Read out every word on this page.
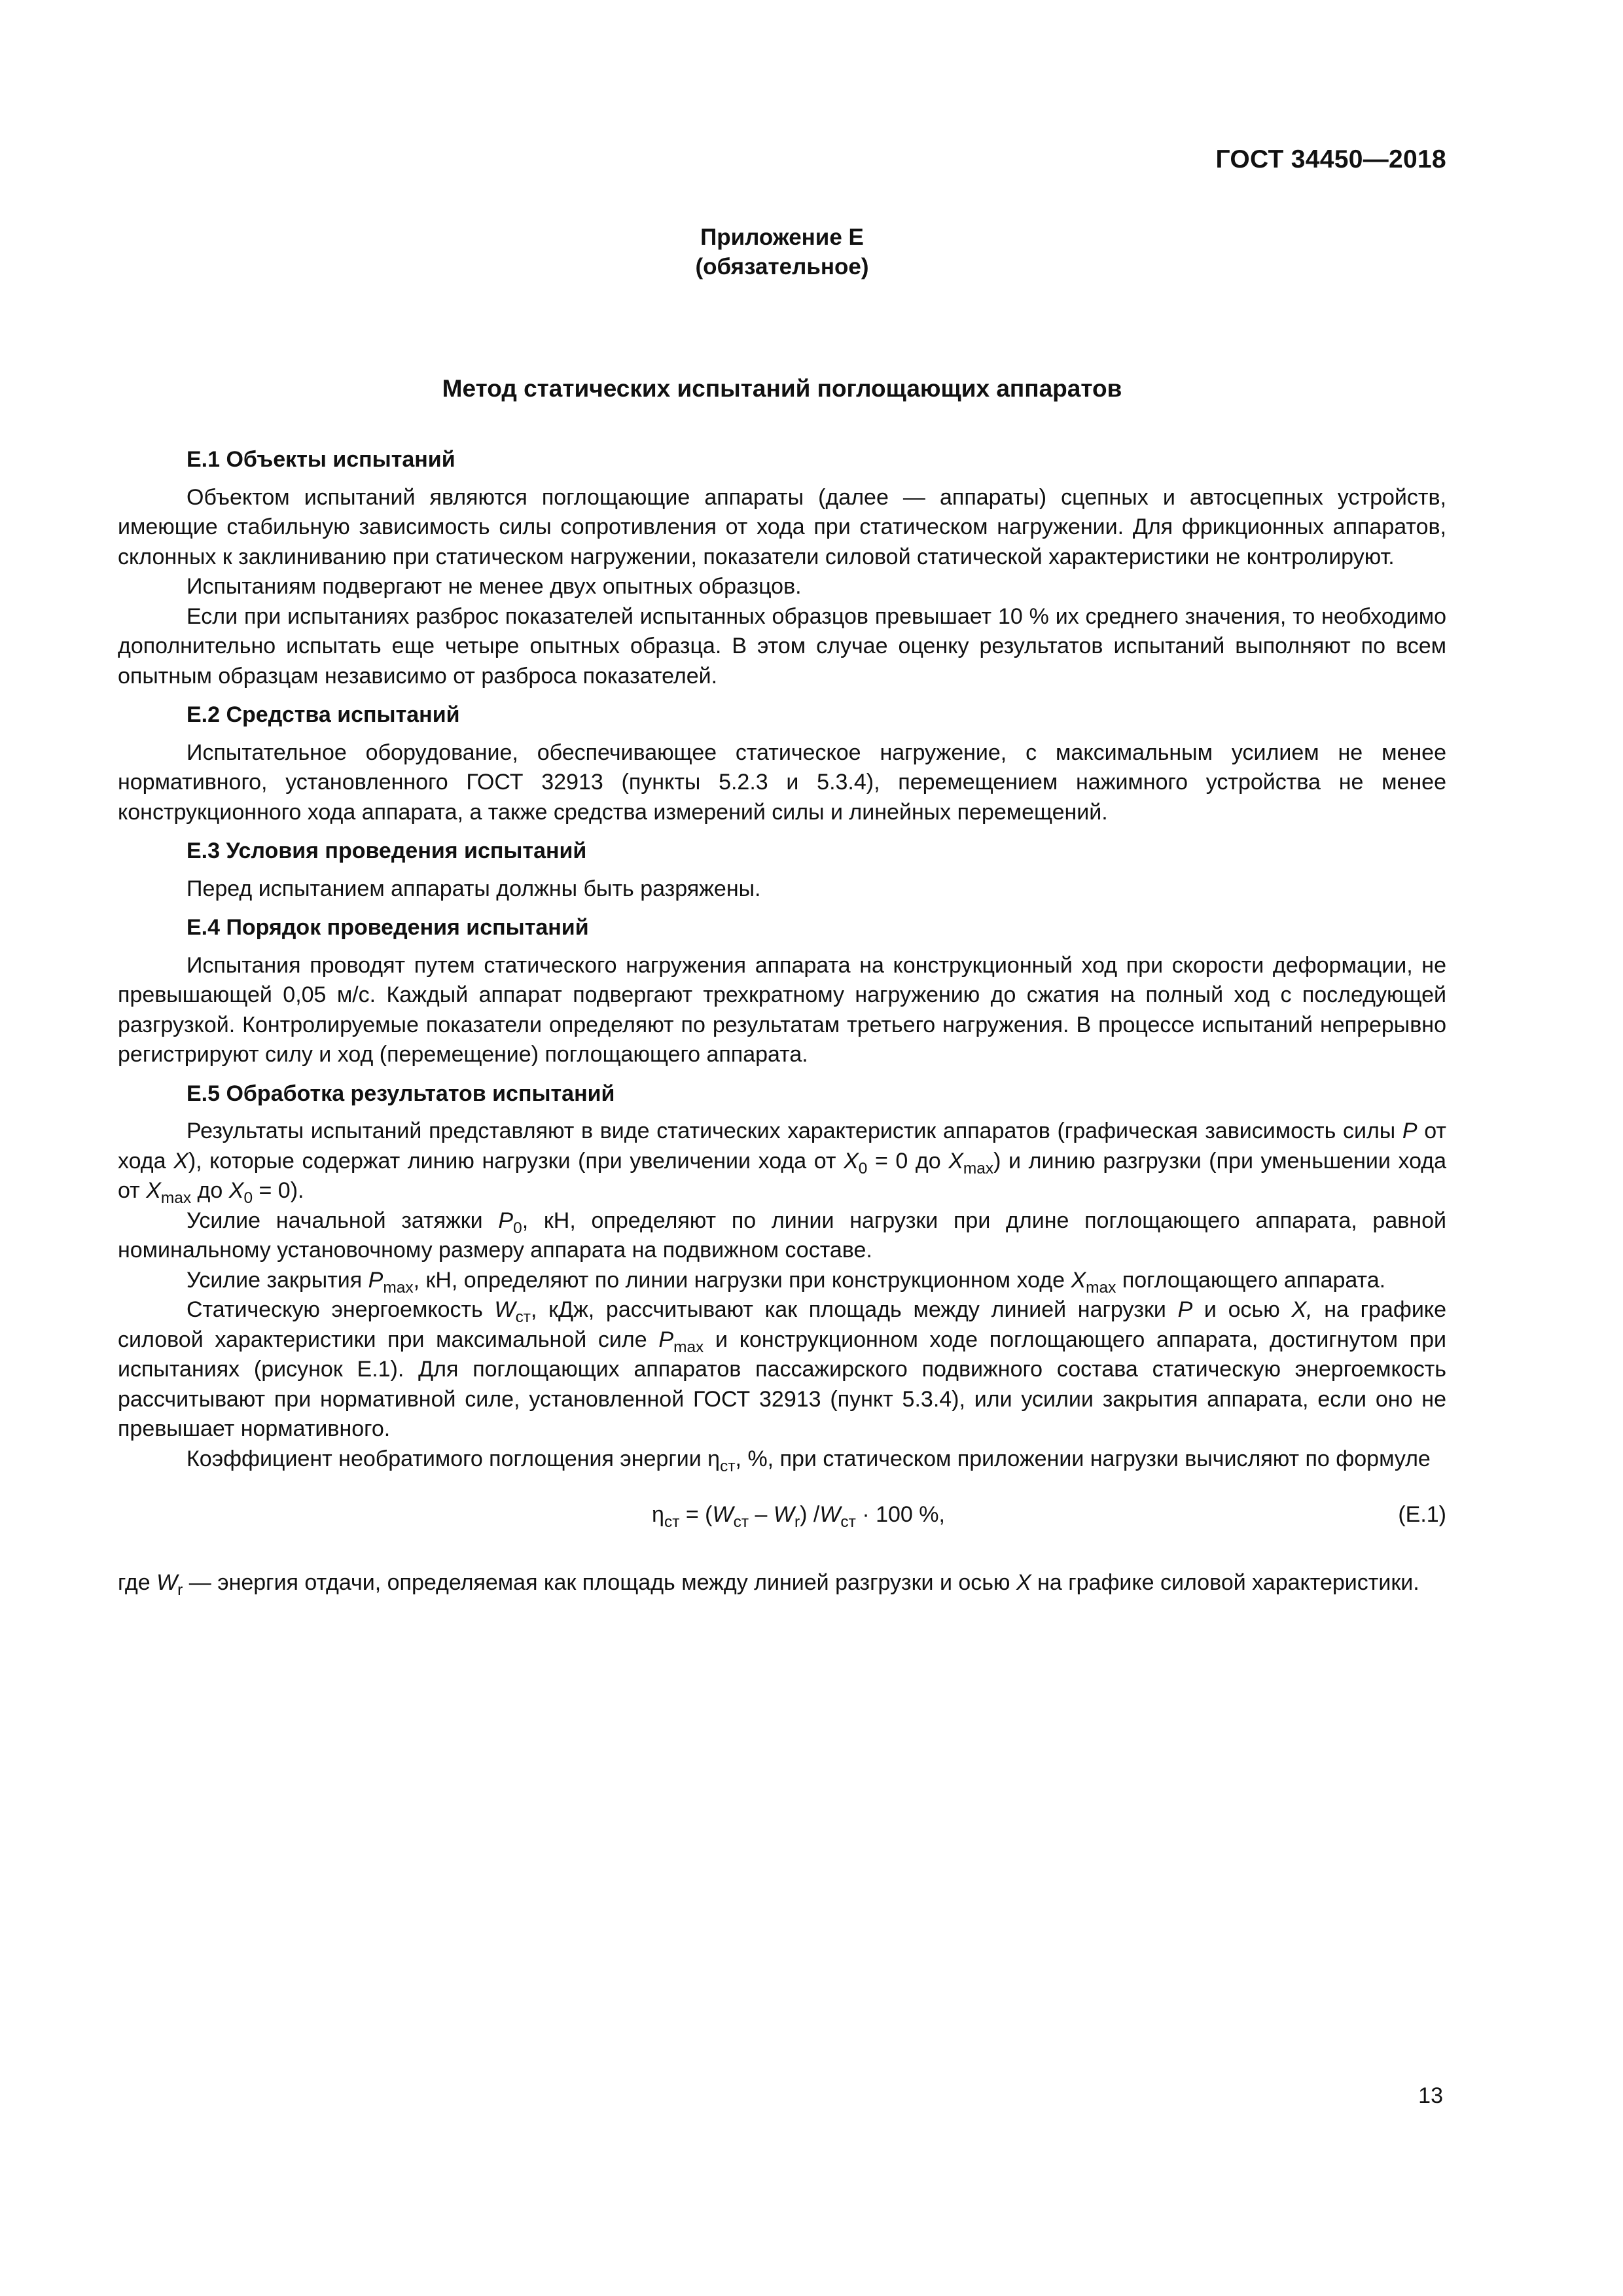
ГОСТ 34450—2018
Приложение Е
(обязательное)
Метод статических испытаний поглощающих аппаратов
Е.1 Объекты испытаний

Объектом испытаний являются поглощающие аппараты (далее — аппараты) сцепных и автосцепных устройств, имеющие стабильную зависимость силы сопротивления от хода при статическом нагружении. Для фрикционных аппаратов, склонных к заклиниванию при статическом нагружении, показатели силовой статической характеристики не контролируют.

Испытаниям подвергают не менее двух опытных образцов.

Если при испытаниях разброс показателей испытанных образцов превышает 10 % их среднего значения, то необходимо дополнительно испытать еще четыре опытных образца. В этом случае оценку результатов испытаний выполняют по всем опытным образцам независимо от разброса показателей.

Е.2 Средства испытаний

Испытательное оборудование, обеспечивающее статическое нагружение, с максимальным усилием не менее нормативного, установленного ГОСТ 32913 (пункты 5.2.3 и 5.3.4), перемещением нажимного устройства не менее конструкционного хода аппарата, а также средства измерений силы и линейных перемещений.

Е.3 Условия проведения испытаний

Перед испытанием аппараты должны быть разряжены.

Е.4 Порядок проведения испытаний

Испытания проводят путем статического нагружения аппарата на конструкционный ход при скорости деформации, не превышающей 0,05 м/с. Каждый аппарат подвергают трехкратному нагружению до сжатия на полный ход с последующей разгрузкой. Контролируемые показатели определяют по результатам третьего нагружения. В процессе испытаний непрерывно регистрируют силу и ход (перемещение) поглощающего аппарата.

Е.5 Обработка результатов испытаний

Результаты испытаний представляют в виде статических характеристик аппаратов (графическая зависимость силы P от хода X), которые содержат линию нагрузки (при увеличении хода от $X_0 = 0$ до $X_{max}$) и линию разгрузки (при уменьшении хода от $X_{max}$ до $X_0 = 0$).

Усилие начальной затяжки $P_0$, кН, определяют по линии нагрузки при длине поглощающего аппарата, равной номинальному установочному размеру аппарата на подвижном составе.

Усилие закрытия $P_{max}$, кН, определяют по линии нагрузки при конструкционном ходе $X_{max}$ поглощающего аппарата.

Статическую энергоемкость $W_{ст}$, кДж, рассчитывают как площадь между линией нагрузки P и осью X, на графике силовой характеристики при максимальной силе $P_{max}$ и конструкционном ходе поглощающего аппарата, достигнутом при испытаниях (рисунок Е.1). Для поглощающих аппаратов пассажирского подвижного состава статическую энергоемкость рассчитывают при нормативной силе, установленной ГОСТ 32913 (пункт 5.3.4), или усилии закрытия аппарата, если оно не превышает нормативного.

Коэффициент необратимого поглощения энергии $\eta_{ст}$, %, при статическом приложении нагрузки вычисляют по формуле

$\eta_{ст} = (W_{ст} - W_r) /W_{ст} \cdot 100$ %,	(Е.1)

где $W_r$ — энергия отдачи, определяемая как площадь между линией разгрузки и осью X на графике силовой характеристики.

13
